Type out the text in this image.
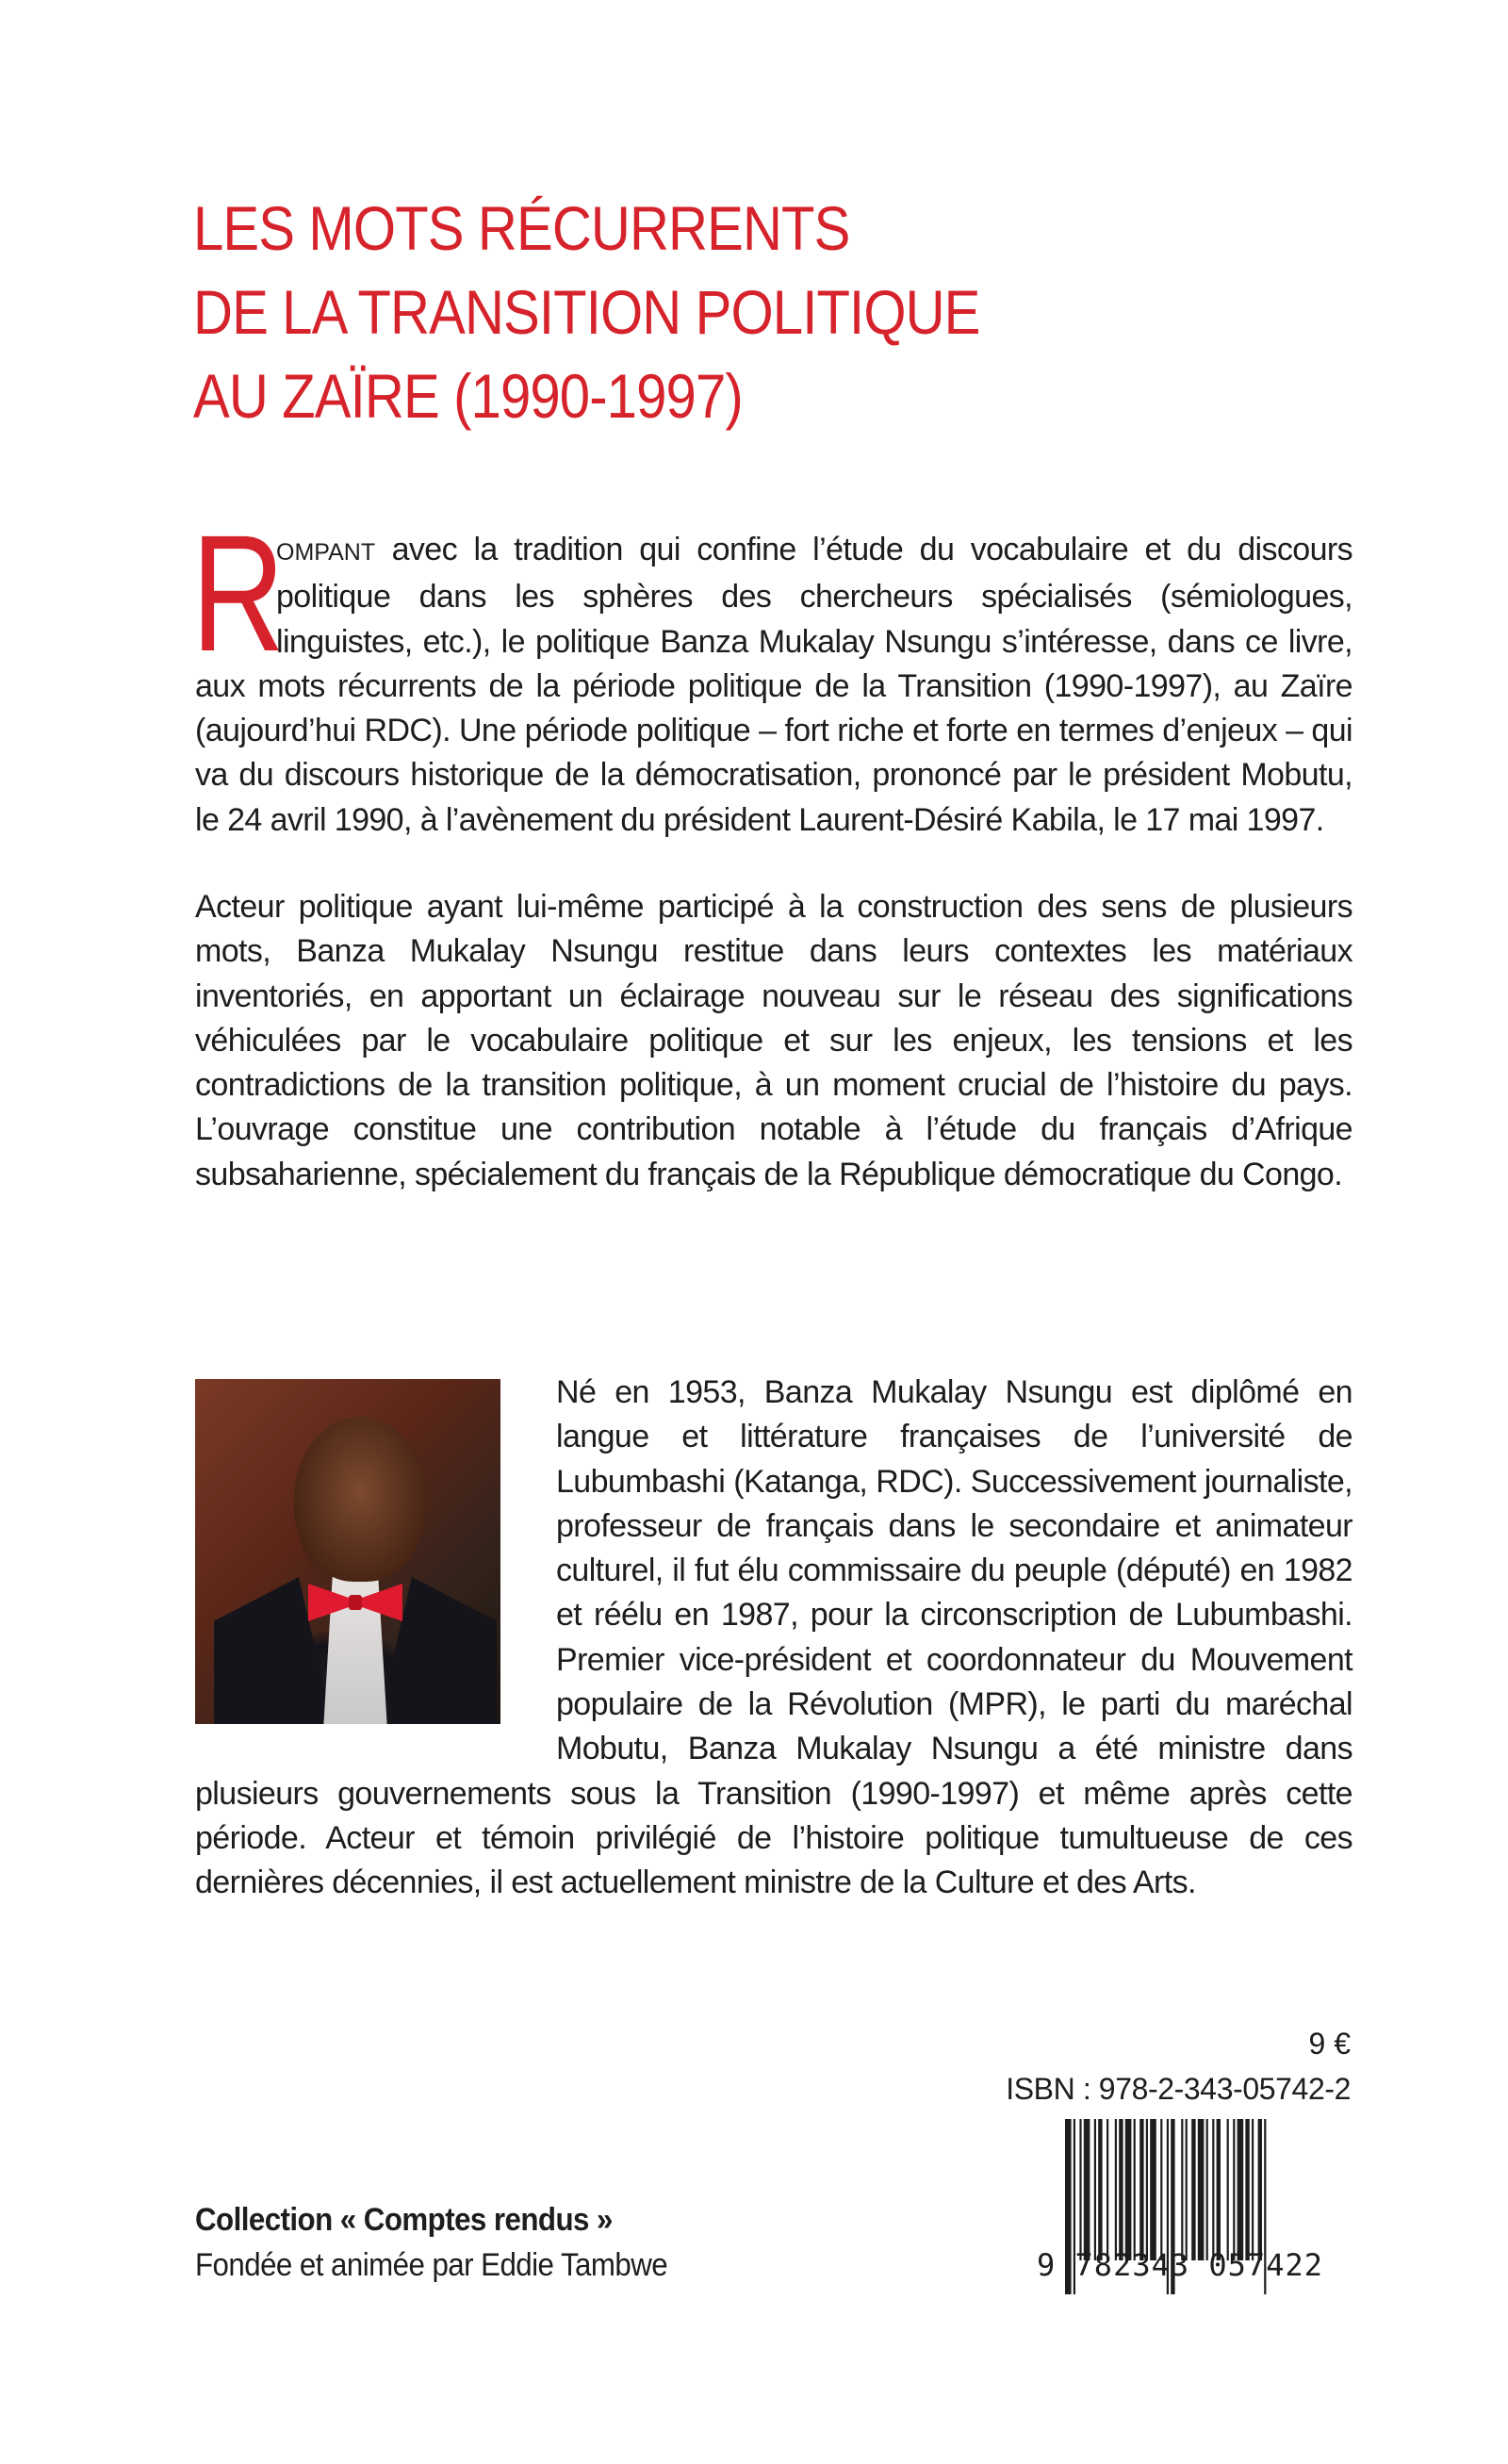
LES MOTS RÉCURRENTS
DE LA TRANSITION POLITIQUE
AU ZAÏRE (1990-1997)

R
OMPANT avec la tradition qui confine l’étude du vocabulaire et du discours politique dans les sphères des chercheurs spécialisés (sémiologues, linguistes, etc.), le politique Banza Mukalay Nsungu s’intéresse, dans ce livre, aux mots récurrents de la période politique de la Transition (1990-1997), au Zaïre (aujourd’hui RDC). Une période politique – fort riche et forte en termes d’enjeux – qui va du discours historique de la démocratisation, prononcé par le président Mobutu, le 24 avril 1990, à l’avènement du président Laurent-Désiré Kabila, le 17 mai 1997.

Acteur politique ayant lui-même participé à la construction des sens de plusieurs mots, Banza Mukalay Nsungu restitue dans leurs contextes les matériaux inventoriés, en apportant un éclairage nouveau sur le réseau des significations véhiculées par le vocabulaire politique et sur les enjeux, les tensions et les contradictions de la transition politique, à un moment crucial de l’histoire du pays. L’ouvrage constitue une contribution notable à l’étude du français d’Afrique subsaharienne, spécialement du français de la République démocratique du Congo.

Né en 1953, Banza Mukalay Nsungu est diplômé en langue et littérature françaises de l’université de Lubumbashi (Katanga, RDC). Successivement journaliste, professeur de français dans le secondaire et animateur culturel, il fut élu commissaire du peuple (député) en 1982 et réélu en 1987, pour la circonscription de Lubumbashi. Premier vice-président et coordonnateur du Mouvement populaire de la Révolution (MPR), le parti du maréchal Mobutu, Banza Mukalay Nsungu a été ministre dans plusieurs gouvernements sous la Transition (1990-1997) et même après cette période. Acteur et témoin privilégié de l’histoire politique tumultueuse de ces dernières décennies, il est actuellement ministre de la Culture et des Arts.

9 €
ISBN : 978-2-343-05742-2
9 782343 057422
Collection « Comptes rendus »
Fondée et animée par Eddie Tambwe
